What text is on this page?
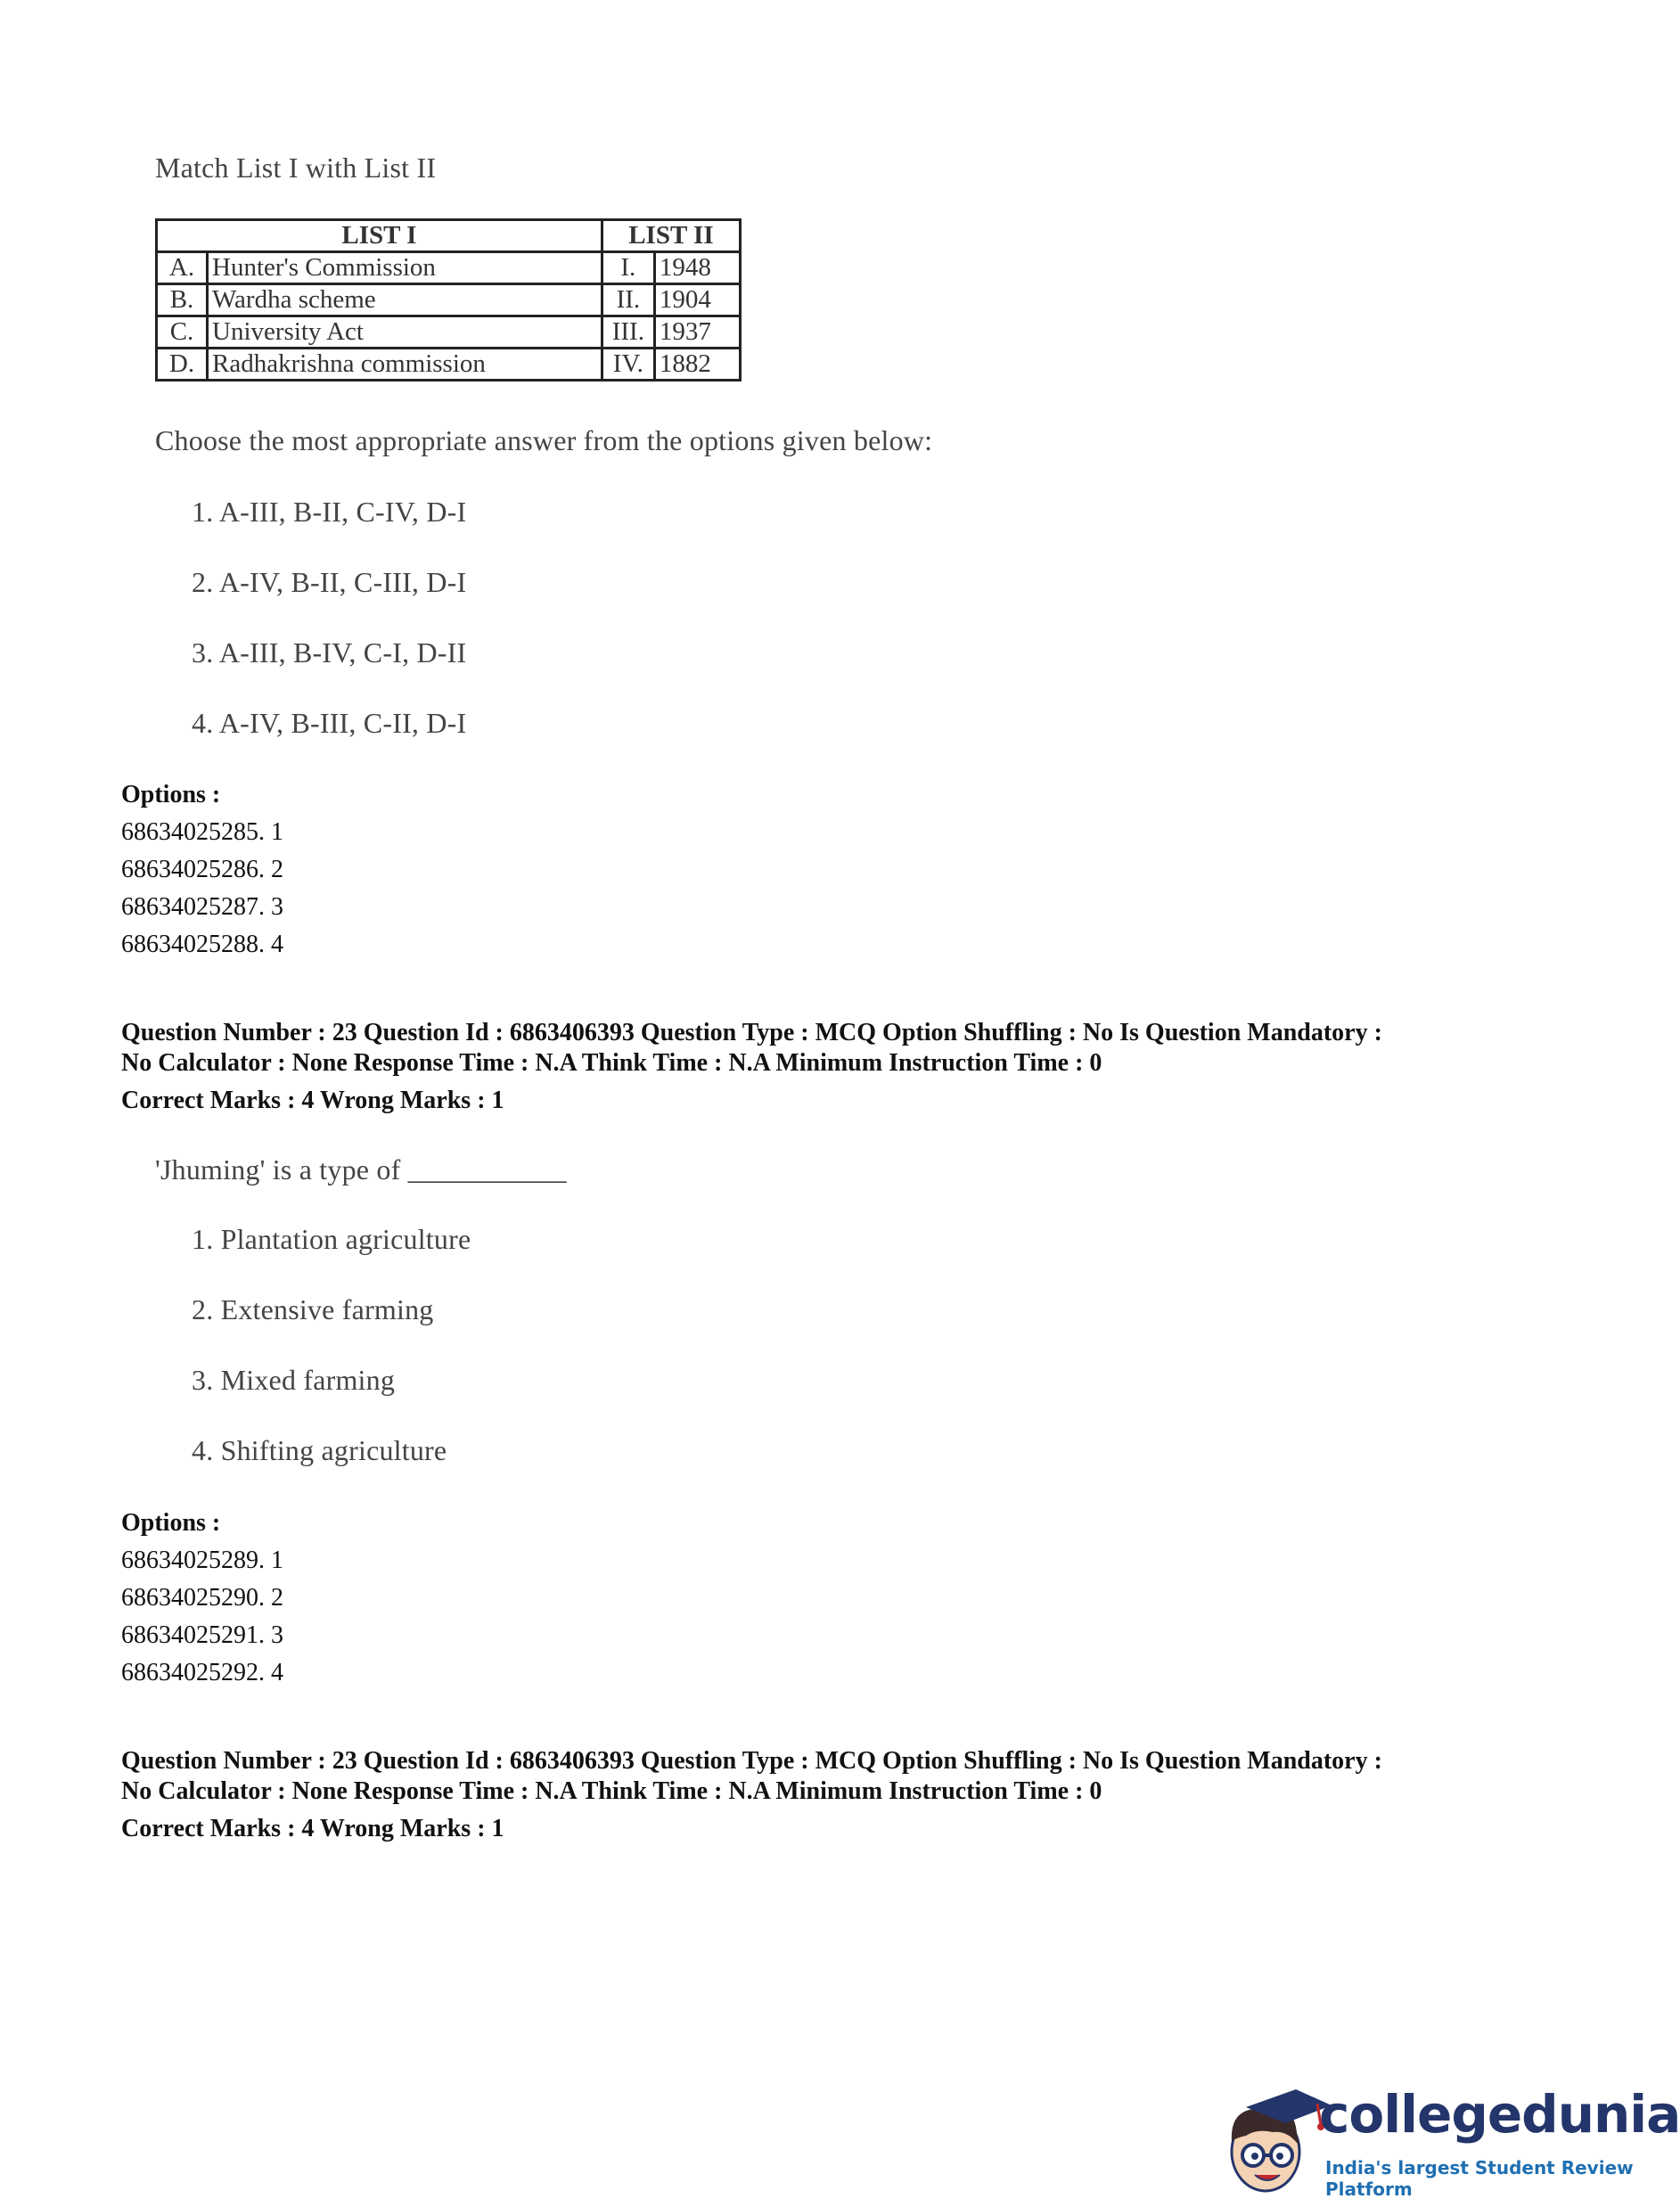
Match List I with List II
LIST I		LIST II	
A.	Hunter's Commission	I.	1948
B.	Wardha scheme	II.	1904
C.	University Act	III.	1937
D.	Radhakrishna commission	IV.	1882
Choose the most appropriate answer from the options given below:
1. A-III, B-II, C-IV, D-I
2. A-IV, B-II, C-III, D-I
3. A-III, B-IV, C-I, D-II
4. A-IV, B-III, C-II, D-I
Options :
68634025285. 1
68634025286. 2
68634025287. 3
68634025288. 4
Question Number : 23 Question Id : 6863406393 Question Type : MCQ Option Shuffling : No Is Question Mandatory :
No Calculator : None Response Time : N.A Think Time : N.A Minimum Instruction Time : 0
Correct Marks : 4 Wrong Marks : 1
'Jhuming' is a type of ___________
1. Plantation agriculture
2. Extensive farming
3. Mixed farming
4. Shifting agriculture
Options :
68634025289. 1
68634025290. 2
68634025291. 3
68634025292. 4
Question Number : 23 Question Id : 6863406393 Question Type : MCQ Option Shuffling : No Is Question Mandatory :
No Calculator : None Response Time : N.A Think Time : N.A Minimum Instruction Time : 0
Correct Marks : 4 Wrong Marks : 1
collegedunia
India's largest Student Review Platform
